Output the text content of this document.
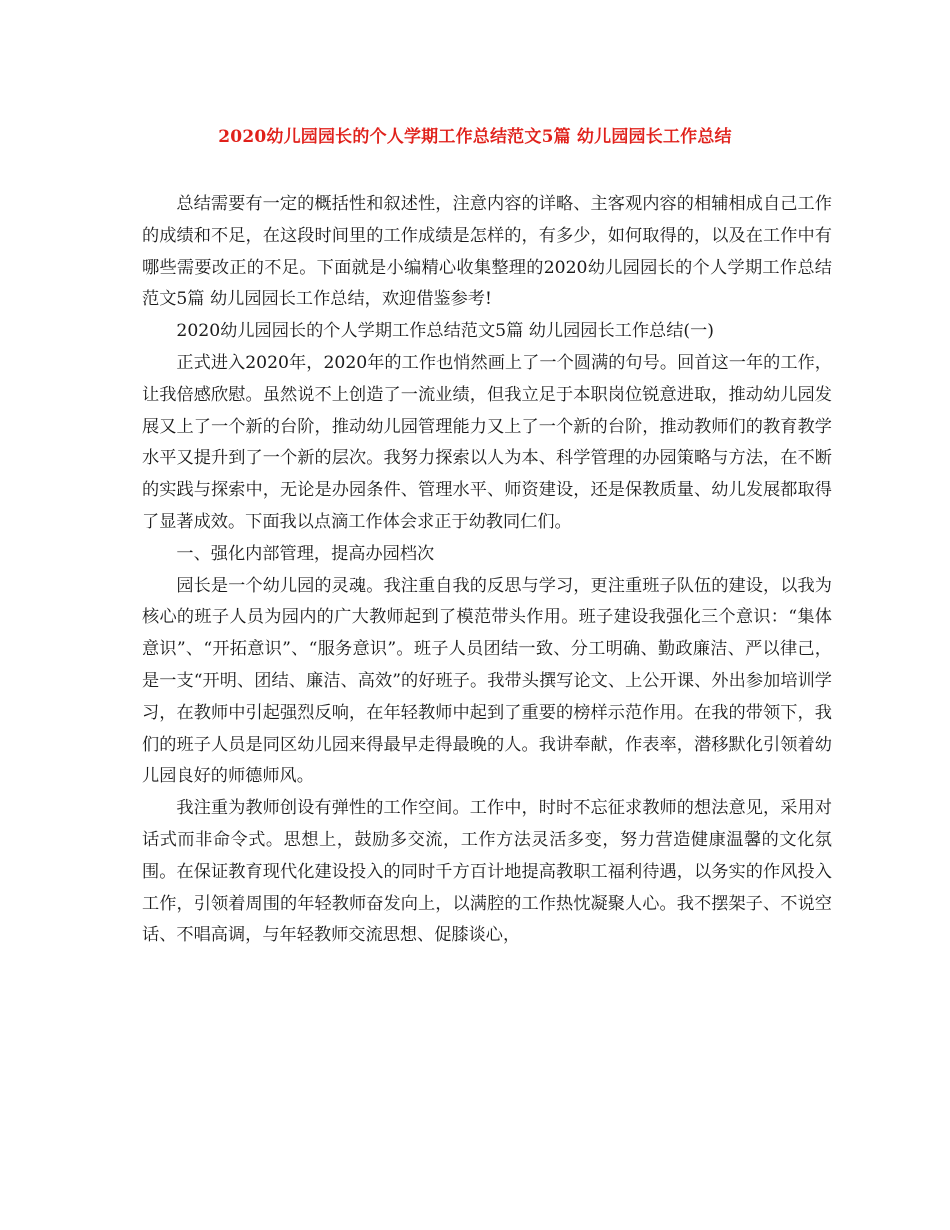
2020幼儿园园长的个人学期工作总结范文5篇 幼儿园园长工作总结

总结需要有一定的概括性和叙述性，注意内容的详略、主客观内容的相辅相成自己工作的成绩和不足，在这段时间里的工作成绩是怎样的，有多少，如何取得的，以及在工作中有哪些需要改正的不足。下面就是小编精心收集整理的2020幼儿园园长的个人学期工作总结范文5篇 幼儿园园长工作总结，欢迎借鉴参考!

2020幼儿园园长的个人学期工作总结范文5篇 幼儿园园长工作总结(一)

正式进入2020年，2020年的工作也悄然画上了一个圆满的句号。回首这一年的工作，让我倍感欣慰。虽然说不上创造了一流业绩，但我立足于本职岗位锐意进取，推动幼儿园发展又上了一个新的台阶，推动幼儿园管理能力又上了一个新的台阶，推动教师们的教育教学水平又提升到了一个新的层次。我努力探索以人为本、科学管理的办园策略与方法，在不断的实践与探索中，无论是办园条件、管理水平、师资建设，还是保教质量、幼儿发展都取得了显著成效。下面我以点滴工作体会求正于幼教同仁们。

一、强化内部管理，提高办园档次

园长是一个幼儿园的灵魂。我注重自我的反思与学习，更注重班子队伍的建设，以我为核心的班子人员为园内的广大教师起到了模范带头作用。班子建设我强化三个意识：“集体意识”、“开拓意识”、“服务意识”。班子人员团结一致、分工明确、勤政廉洁、严以律己，是一支“开明、团结、廉洁、高效”的好班子。我带头撰写论文、上公开课、外出参加培训学习，在教师中引起强烈反响，在年轻教师中起到了重要的榜样示范作用。在我的带领下，我们的班子人员是同区幼儿园来得最早走得最晚的人。我讲奉献，作表率，潜移默化引领着幼儿园良好的师德师风。

我注重为教师创设有弹性的工作空间。工作中，时时不忘征求教师的想法意见，采用对话式而非命令式。思想上，鼓励多交流，工作方法灵活多变，努力营造健康温馨的文化氛围。在保证教育现代化建设投入的同时千方百计地提高教职工福利待遇，以务实的作风投入工作，引领着周围的年轻教师奋发向上，以满腔的工作热忱凝聚人心。我不摆架子、不说空话、不唱高调，与年轻教师交流思想、促膝谈心，
